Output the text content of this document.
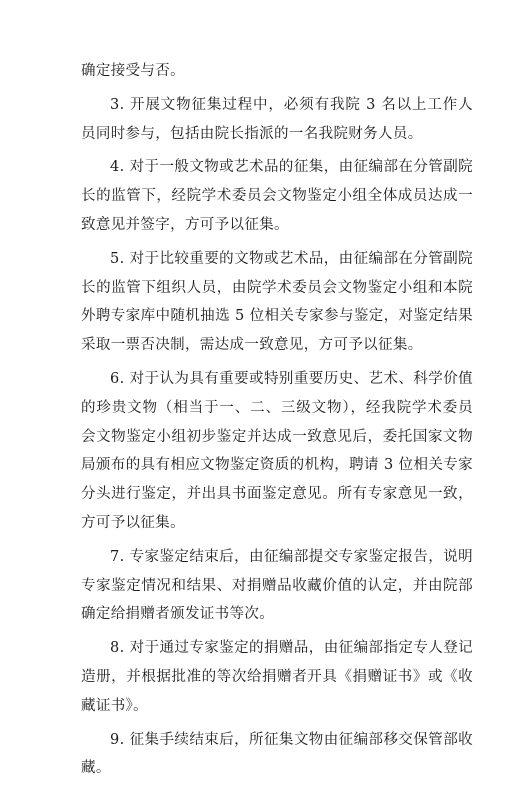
确定接受与否。

3. 开展文物征集过程中，必须有我院 3 名以上工作人员同时参与，包括由院长指派的一名我院财务人员。

4. 对于一般文物或艺术品的征集，由征编部在分管副院长的监管下，经院学术委员会文物鉴定小组全体成员达成一致意见并签字，方可予以征集。

5. 对于比较重要的文物或艺术品，由征编部在分管副院长的监管下组织人员，由院学术委员会文物鉴定小组和本院外聘专家库中随机抽选 5 位相关专家参与鉴定，对鉴定结果采取一票否决制，需达成一致意见，方可予以征集。

6. 对于认为具有重要或特别重要历史、艺术、科学价值的珍贵文物（相当于一、二、三级文物），经我院学术委员会文物鉴定小组初步鉴定并达成一致意见后，委托国家文物局颁布的具有相应文物鉴定资质的机构，聘请 3 位相关专家分头进行鉴定，并出具书面鉴定意见。所有专家意见一致，方可予以征集。

7. 专家鉴定结束后，由征编部提交专家鉴定报告，说明专家鉴定情况和结果、对捐赠品收藏价值的认定，并由院部确定给捐赠者颁发证书等次。

8. 对于通过专家鉴定的捐赠品，由征编部指定专人登记造册，并根据批准的等次给捐赠者开具《捐赠证书》或《收藏证书》。

9. 征集手续结束后，所征集文物由征编部移交保管部收藏。
